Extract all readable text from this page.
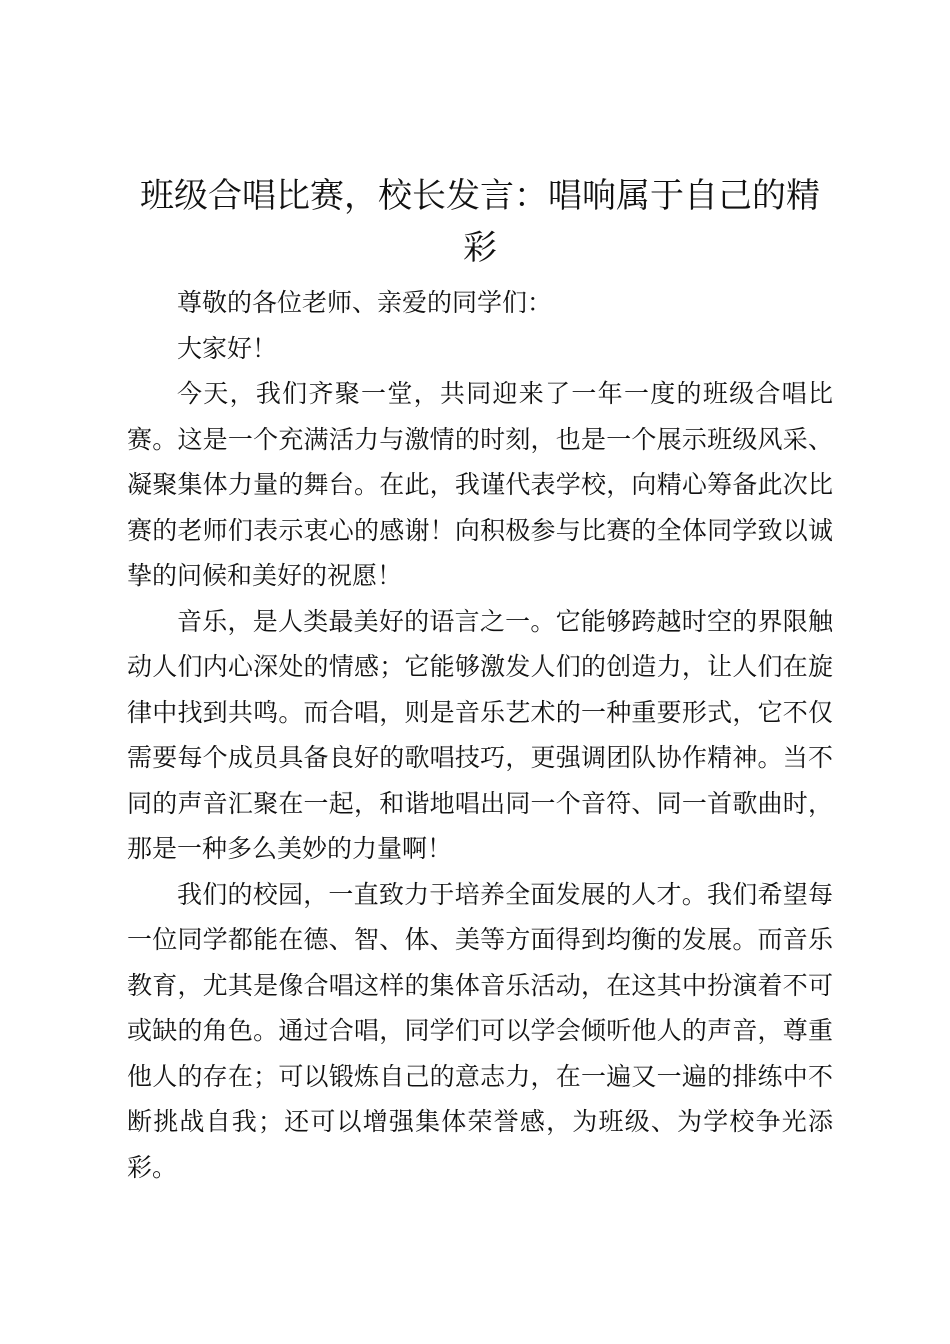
班级合唱比赛，校长发言：唱响属于自己的精彩

尊敬的各位老师、亲爱的同学们：

大家好！

今天，我们齐聚一堂，共同迎来了一年一度的班级合唱比赛。这是一个充满活力与激情的时刻，也是一个展示班级风采、凝聚集体力量的舞台。在此，我谨代表学校，向精心筹备此次比赛的老师们表示衷心的感谢！向积极参与比赛的全体同学致以诚挚的问候和美好的祝愿！

音乐，是人类最美好的语言之一。它能够跨越时空的界限触动人们内心深处的情感；它能够激发人们的创造力，让人们在旋律中找到共鸣。而合唱，则是音乐艺术的一种重要形式，它不仅需要每个成员具备良好的歌唱技巧，更强调团队协作精神。当不同的声音汇聚在一起，和谐地唱出同一个音符、同一首歌曲时，那是一种多么美妙的力量啊！

我们的校园，一直致力于培养全面发展的人才。我们希望每一位同学都能在德、智、体、美等方面得到均衡的发展。而音乐教育，尤其是像合唱这样的集体音乐活动，在这其中扮演着不可或缺的角色。通过合唱，同学们可以学会倾听他人的声音，尊重他人的存在；可以锻炼自己的意志力，在一遍又一遍的排练中不断挑战自我；还可以增强集体荣誉感，为班级、为学校争光添彩。
